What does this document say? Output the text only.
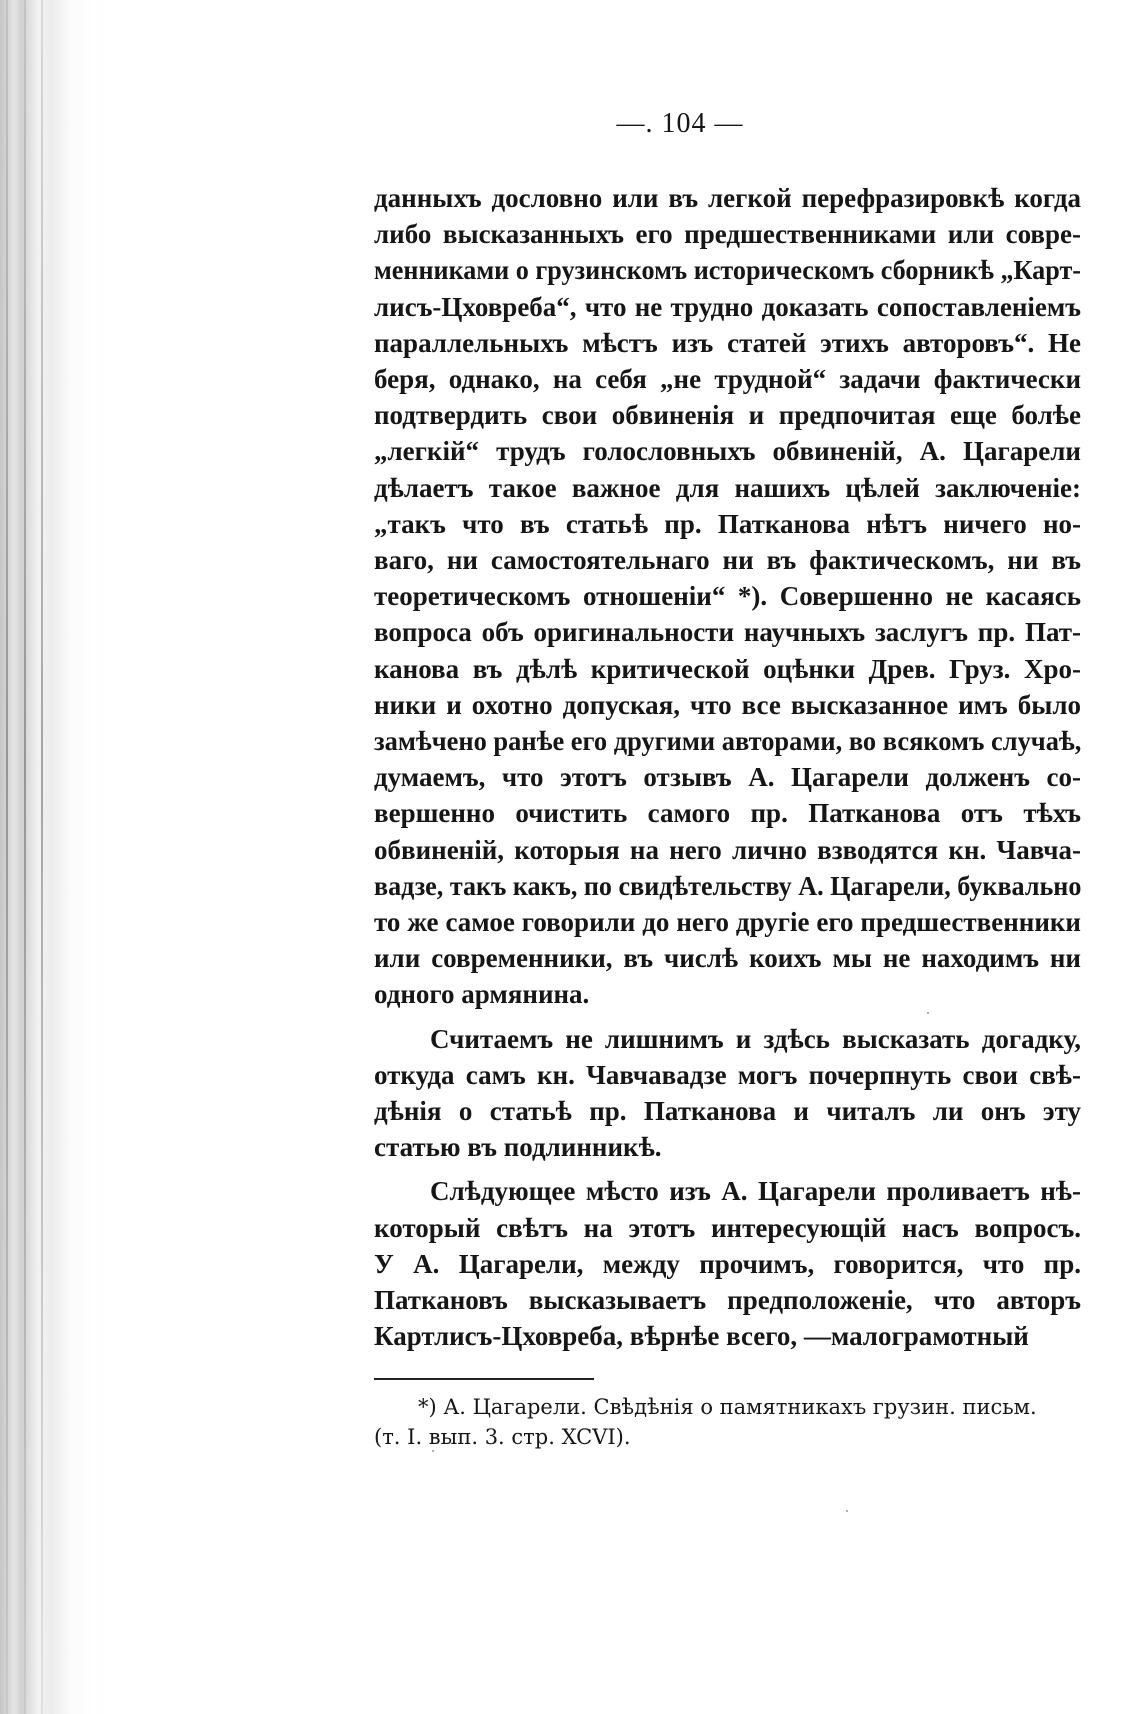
—. 104 —
данныхъ дословно или въ легкой перефразировкѣ когда
либо высказанныхъ его предшественниками или совре-
менниками о грузинскомъ историческомъ сборникѣ „Карт-
лисъ-Цховреба“, что не трудно доказать сопоставленіемъ
параллельныхъ мѣстъ изъ статей этихъ авторовъ“. Не
беря, однако, на себя „не трудной“ задачи фактически
подтвердить свои обвиненія и предпочитая еще болѣе
„легкій“ трудъ голословныхъ обвиненій, А. Цагарели
дѣлаетъ такое важное для нашихъ цѣлей заключеніе:
„такъ что въ статьѣ пр. Патканова нѣтъ ничего но-
ваго, ни самостоятельнаго ни въ фактическомъ, ни въ
теоретическомъ отношеніи“ *). Совершенно не касаясь
вопроса объ оригинальности научныхъ заслугъ пр. Пат-
канова въ дѣлѣ критической оцѣнки Древ. Груз. Хро-
ники и охотно допуская, что все высказанное имъ было
замѣчено ранѣе его другими авторами, во всякомъ случаѣ,
думаемъ, что этотъ отзывъ А. Цагарели долженъ со-
вершенно очистить самого пр. Патканова отъ тѣхъ
обвиненій, которыя на него лично взводятся кн. Чавча-
вадзе, такъ какъ, по свидѣтельству А. Цагарели, буквально
то же самое говорили до него другіе его предшественники
или современники, въ числѣ коихъ мы не находимъ ни
одного армянина.
Считаемъ не лишнимъ и здѣсь высказать догадку,
откуда самъ кн. Чавчавадзе могъ почерпнуть свои свѣ-
дѣнія о статьѣ пр. Патканова и читалъ ли онъ эту
статью въ подлинникѣ.
Слѣдующее мѣсто изъ А. Цагарели проливаетъ нѣ-
который свѣтъ на этотъ интересующій насъ вопросъ.
У А. Цагарели, между прочимъ, говорится, что пр.
Паткановъ высказываетъ предположеніе, что авторъ
Картлисъ-Цховреба, вѣрнѣе всего, —малограмотный
*) А. Цагарели. Свѣдѣнія о памятникахъ грузин. письм.
(т. I. вып. 3. стр. XCVI).
